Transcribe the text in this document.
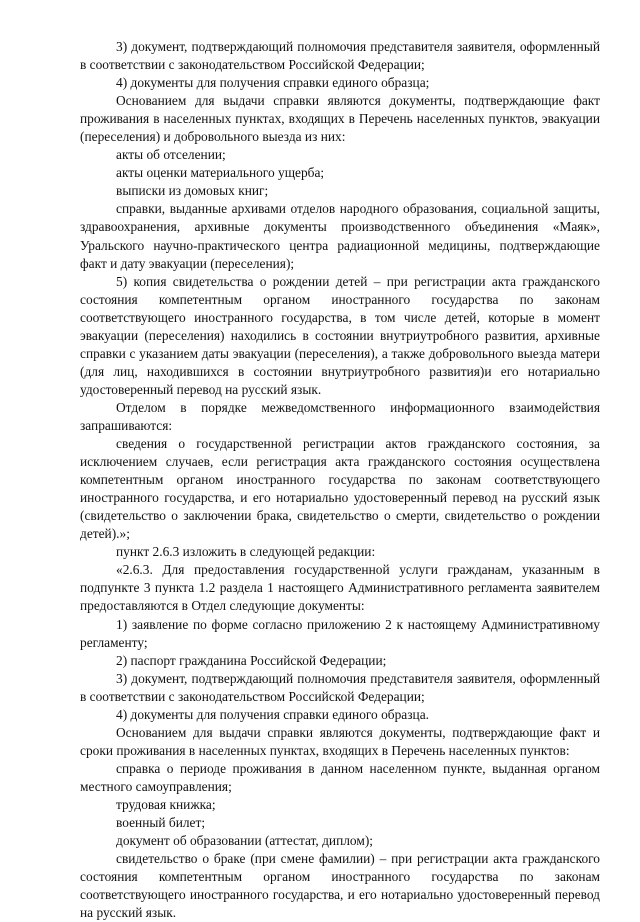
3) документ, подтверждающий полномочия представителя заявителя, оформленный в соответствии с законодательством Российской Федерации;

4) документы для получения справки единого образца;

Основанием для выдачи справки являются документы, подтверждающие факт проживания в населенных пунктах, входящих в Перечень населенных пунктов, эвакуации (переселения) и добровольного выезда из них:

акты об отселении;

акты оценки материального ущерба;

выписки из домовых книг;

справки, выданные архивами отделов народного образования, социальной защиты, здравоохранения, архивные документы производственного объединения «Маяк», Уральского научно-практического центра радиационной медицины, подтверждающие факт и дату эвакуации (переселения);

5) копия свидетельства о рождении детей – при регистрации акта гражданского состояния компетентным органом иностранного государства по законам соответствующего иностранного государства, в том числе детей, которые в момент эвакуации (переселения) находились в состоянии внутриутробного развития, архивные справки с указанием даты эвакуации (переселения), а также добровольного выезда матери (для лиц, находившихся в состоянии внутриутробного развития)и его нотариально удостоверенный перевод на русский язык.

Отделом в порядке межведомственного информационного взаимодействия запрашиваются:

сведения о государственной регистрации актов гражданского состояния, за исключением случаев, если регистрация акта гражданского состояния осуществлена компетентным органом иностранного государства по законам соответствующего иностранного государства, и его нотариально удостоверенный перевод на русский язык (свидетельство о заключении брака, свидетельство о смерти, свидетельство о рождении детей).»;

пункт 2.6.3 изложить в следующей редакции:

«2.6.3. Для предоставления государственной услуги гражданам, указанным в подпункте 3 пункта 1.2 раздела 1 настоящего Административного регламента заявителем предоставляются в Отдел следующие документы:

1) заявление по форме согласно приложению 2 к настоящему Административному регламенту;

2) паспорт гражданина Российской Федерации;

3) документ, подтверждающий полномочия представителя заявителя, оформленный в соответствии с законодательством Российской Федерации;

4) документы для получения справки единого образца.

Основанием для выдачи справки являются документы, подтверждающие факт и сроки проживания в населенных пунктах, входящих в Перечень населенных пунктов:

справка о периоде проживания в данном населенном пункте, выданная органом местного самоуправления;

трудовая книжка;

военный билет;

документ об образовании (аттестат, диплом);

свидетельство о браке (при смене фамилии) – при регистрации акта гражданского состояния компетентным органом иностранного государства по законам соответствующего иностранного государства, и его нотариально удостоверенный перевод на русский язык.
